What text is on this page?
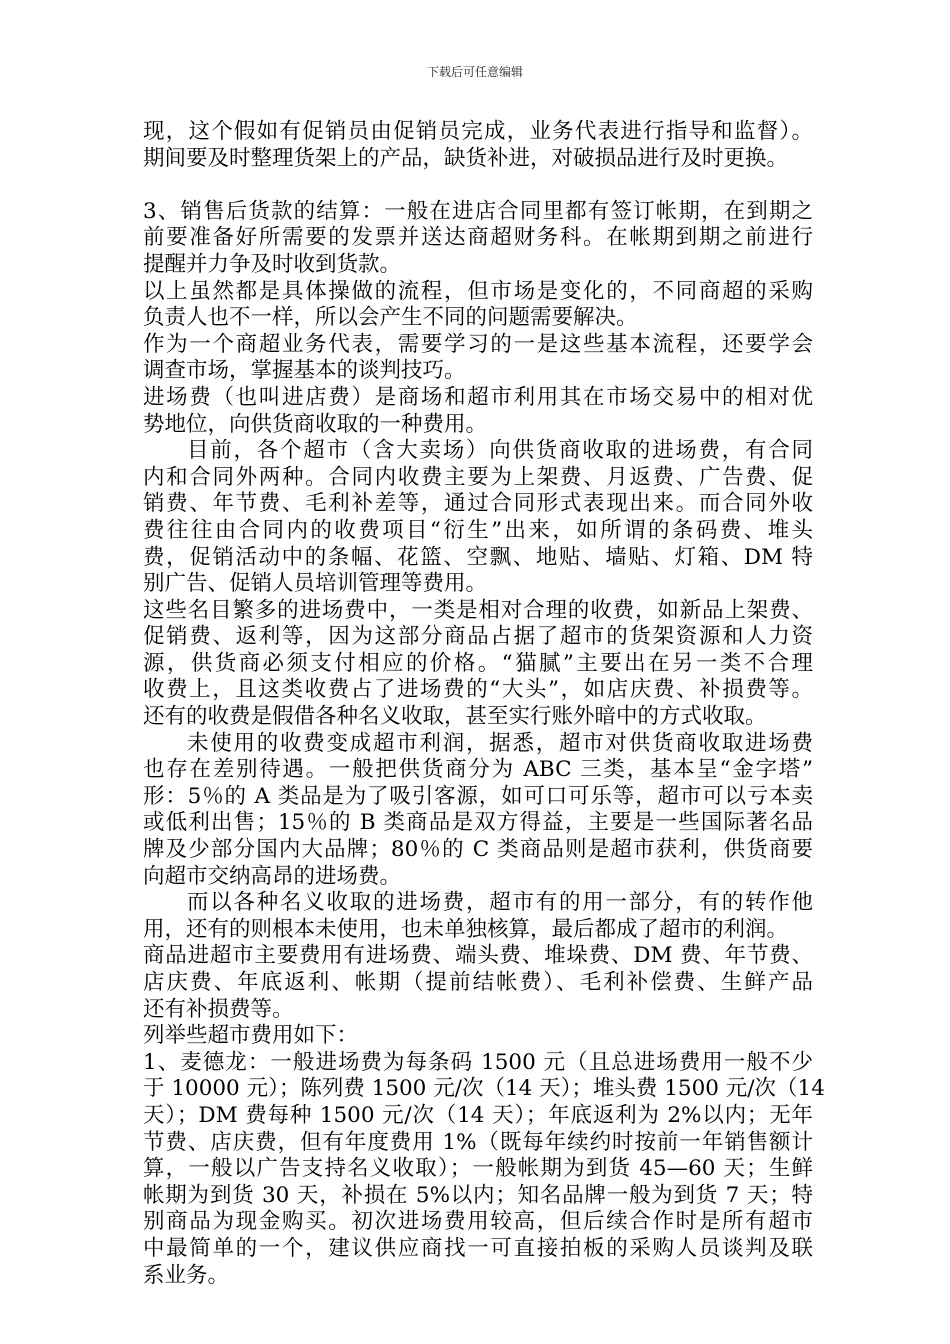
下载后可任意编辑
现，这个假如有促销员由促销员完成，业务代表进行指导和监督）。
期间要及时整理货架上的产品，缺货补进，对破损品进行及时更换。
3、销售后货款的结算：一般在进店合同里都有签订帐期，在到期之
前要准备好所需要的发票并送达商超财务科。在帐期到期之前进行
提醒并力争及时收到货款。
以上虽然都是具体操做的流程，但市场是变化的，不同商超的采购
负责人也不一样，所以会产生不同的问题需要解决。
作为一个商超业务代表，需要学习的一是这些基本流程，还要学会
调查市场，掌握基本的谈判技巧。
进场费（也叫进店费）是商场和超市利用其在市场交易中的相对优
势地位，向供货商收取的一种费用。
目前，各个超市（含大卖场）向供货商收取的进场费，有合同
内和合同外两种。合同内收费主要为上架费、月返费、广告费、促
销费、年节费、毛利补差等，通过合同形式表现出来。而合同外收
费往往由合同内的收费项目“衍生”出来，如所谓的条码费、堆头
费，促销活动中的条幅、花篮、空飘、地贴、墙贴、灯箱、DM 特
别广告、促销人员培训管理等费用。
这些名目繁多的进场费中，一类是相对合理的收费，如新品上架费、
促销费、返利等，因为这部分商品占据了超市的货架资源和人力资
源，供货商必须支付相应的价格。“猫腻”主要出在另一类不合理
收费上，且这类收费占了进场费的“大头”，如店庆费、补损费等。
还有的收费是假借各种名义收取，甚至实行账外暗中的方式收取。
未使用的收费变成超市利润，据悉，超市对供货商收取进场费
也存在差别待遇。一般把供货商分为 ABC 三类，基本呈“金字塔”
形：5％的 A 类品是为了吸引客源，如可口可乐等，超市可以亏本卖
或低利出售；15％的 B 类商品是双方得益，主要是一些国际著名品
牌及少部分国内大品牌；80％的 C 类商品则是超市获利，供货商要
向超市交纳高昂的进场费。
而以各种名义收取的进场费，超市有的用一部分，有的转作他
用，还有的则根本未使用，也未单独核算，最后都成了超市的利润。
商品进超市主要费用有进场费、端头费、堆垛费、DM 费、年节费、
店庆费、年底返利、帐期（提前结帐费）、毛利补偿费、生鲜产品
还有补损费等。
列举些超市费用如下：
1、麦德龙：一般进场费为每条码 1500 元（且总进场费用一般不少
于 10000 元）；陈列费 1500 元/次（14 天）；堆头费 1500 元/次（14
天）；DM 费每种 1500 元/次（14 天）；年底返利为 2%以内；无年
节费、店庆费，但有年度费用 1%（既每年续约时按前一年销售额计
算，一般以广告支持名义收取）；一般帐期为到货 45—60 天；生鲜
帐期为到货 30 天，补损在 5%以内；知名品牌一般为到货 7 天；特
别商品为现金购买。初次进场费用较高，但后续合作时是所有超市
中最简单的一个，建议供应商找一可直接拍板的采购人员谈判及联
系业务。
